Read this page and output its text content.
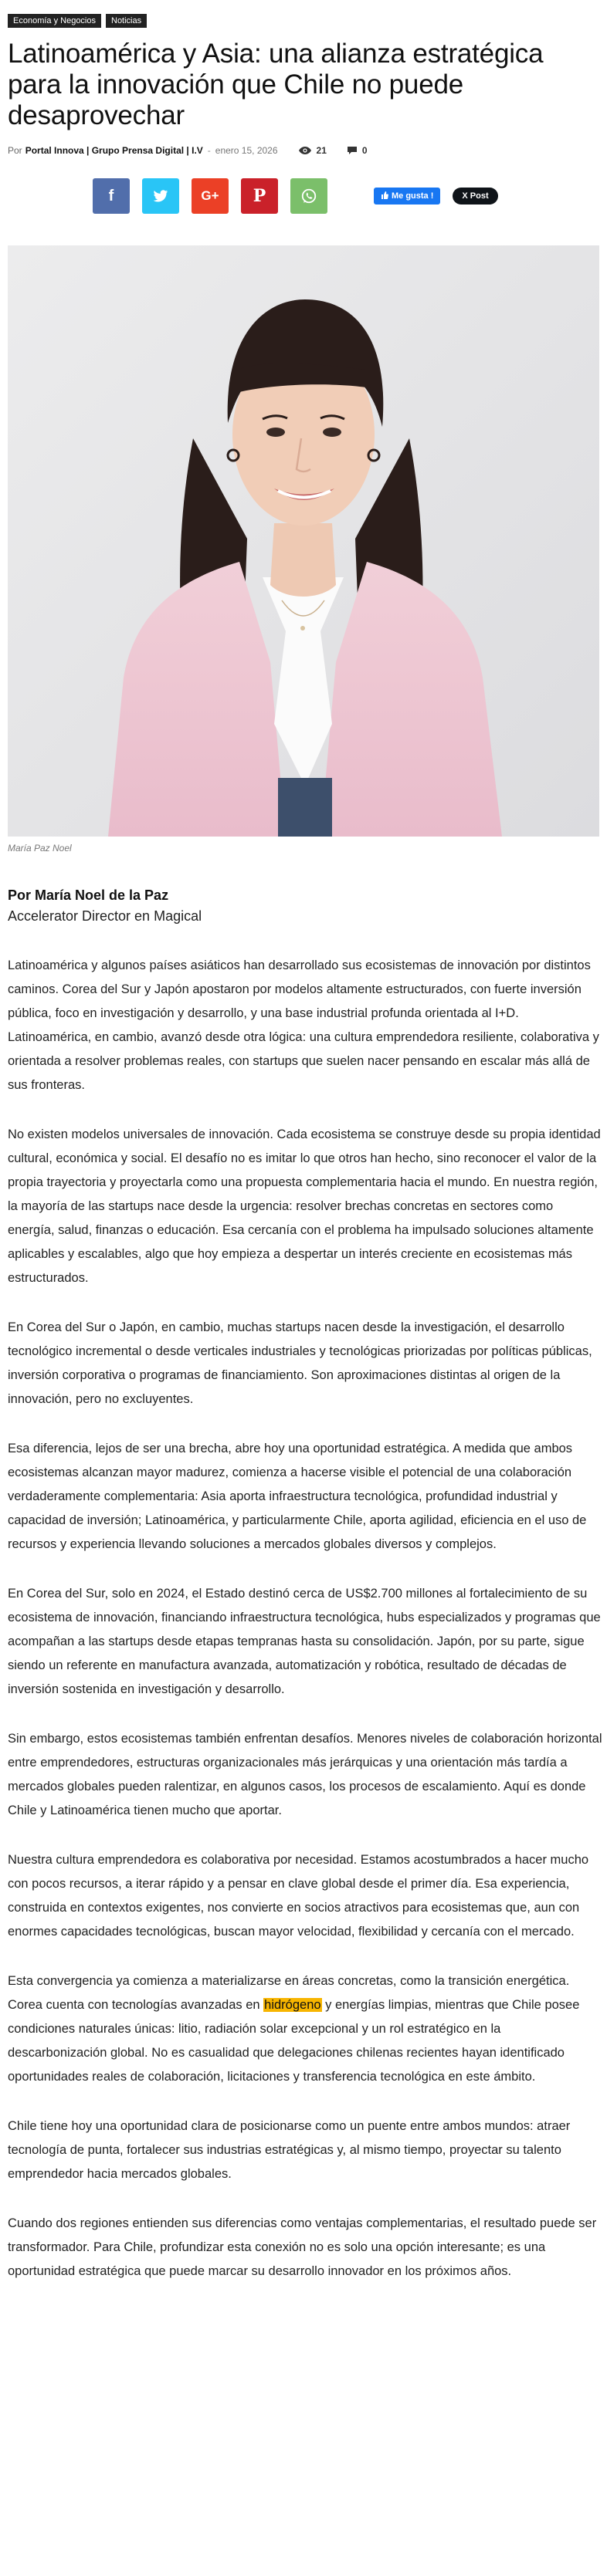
Economía y Negocios	Noticias
Latinoamérica y Asia: una alianza estratégica para la innovación que Chile no puede desaprovechar
Por Portal Innova | Grupo Prensa Digital | I.V - enero 15, 2026	21	0
f	G+ P	Me gusta !	X Post
María Paz Noel
Por María Noel de la Paz
Accelerator Director en Magical

Latinoamérica y algunos países asiáticos han desarrollado sus ecosistemas de innovación por distintos caminos. Corea del Sur y Japón apostaron por modelos altamente estructurados, con fuerte inversión pública, foco en investigación y desarrollo, y una base industrial profunda orientada al I+D. Latinoamérica, en cambio, avanzó desde otra lógica: una cultura emprendedora resiliente, colaborativa y orientada a resolver problemas reales, con startups que suelen nacer pensando en escalar más allá de sus fronteras.

No existen modelos universales de innovación. Cada ecosistema se construye desde su propia identidad cultural, económica y social. El desafío no es imitar lo que otros han hecho, sino reconocer el valor de la propia trayectoria y proyectarla como una propuesta complementaria hacia el mundo. En nuestra región, la mayoría de las startups nace desde la urgencia: resolver brechas concretas en sectores como energía, salud, finanzas o educación. Esa cercanía con el problema ha impulsado soluciones altamente aplicables y escalables, algo que hoy empieza a despertar un interés creciente en ecosistemas más estructurados.

En Corea del Sur o Japón, en cambio, muchas startups nacen desde la investigación, el desarrollo tecnológico incremental o desde verticales industriales y tecnológicas priorizadas por políticas públicas, inversión corporativa o programas de financiamiento. Son aproximaciones distintas al origen de la innovación, pero no excluyentes.

Esa diferencia, lejos de ser una brecha, abre hoy una oportunidad estratégica. A medida que ambos ecosistemas alcanzan mayor madurez, comienza a hacerse visible el potencial de una colaboración verdaderamente complementaria: Asia aporta infraestructura tecnológica, profundidad industrial y capacidad de inversión; Latinoamérica, y particularmente Chile, aporta agilidad, eficiencia en el uso de recursos y experiencia llevando soluciones a mercados globales diversos y complejos.

En Corea del Sur, solo en 2024, el Estado destinó cerca de US$2.700 millones al fortalecimiento de su ecosistema de innovación, financiando infraestructura tecnológica, hubs especializados y programas que acompañan a las startups desde etapas tempranas hasta su consolidación. Japón, por su parte, sigue siendo un referente en manufactura avanzada, automatización y robótica, resultado de décadas de inversión sostenida en investigación y desarrollo.

Sin embargo, estos ecosistemas también enfrentan desafíos. Menores niveles de colaboración horizontal entre emprendedores, estructuras organizacionales más jerárquicas y una orientación más tardía a mercados globales pueden ralentizar, en algunos casos, los procesos de escalamiento. Aquí es donde Chile y Latinoamérica tienen mucho que aportar.

Nuestra cultura emprendedora es colaborativa por necesidad. Estamos acostumbrados a hacer mucho con pocos recursos, a iterar rápido y a pensar en clave global desde el primer día. Esa experiencia, construida en contextos exigentes, nos convierte en socios atractivos para ecosistemas que, aun con enormes capacidades tecnológicas, buscan mayor velocidad, flexibilidad y cercanía con el mercado.

Esta convergencia ya comienza a materializarse en áreas concretas, como la transición energética. Corea cuenta con tecnologías avanzadas en hidrógeno y energías limpias, mientras que Chile posee condiciones naturales únicas: litio, radiación solar excepcional y un rol estratégico en la descarbonización global. No es casualidad que delegaciones chilenas recientes hayan identificado oportunidades reales de colaboración, licitaciones y transferencia tecnológica en este ámbito.

Chile tiene hoy una oportunidad clara de posicionarse como un puente entre ambos mundos: atraer tecnología de punta, fortalecer sus industrias estratégicas y, al mismo tiempo, proyectar su talento emprendedor hacia mercados globales.

Cuando dos regiones entienden sus diferencias como ventajas complementarias, el resultado puede ser transformador. Para Chile, profundizar esta conexión no es solo una opción interesante; es una oportunidad estratégica que puede marcar su desarrollo innovador en los próximos años.
